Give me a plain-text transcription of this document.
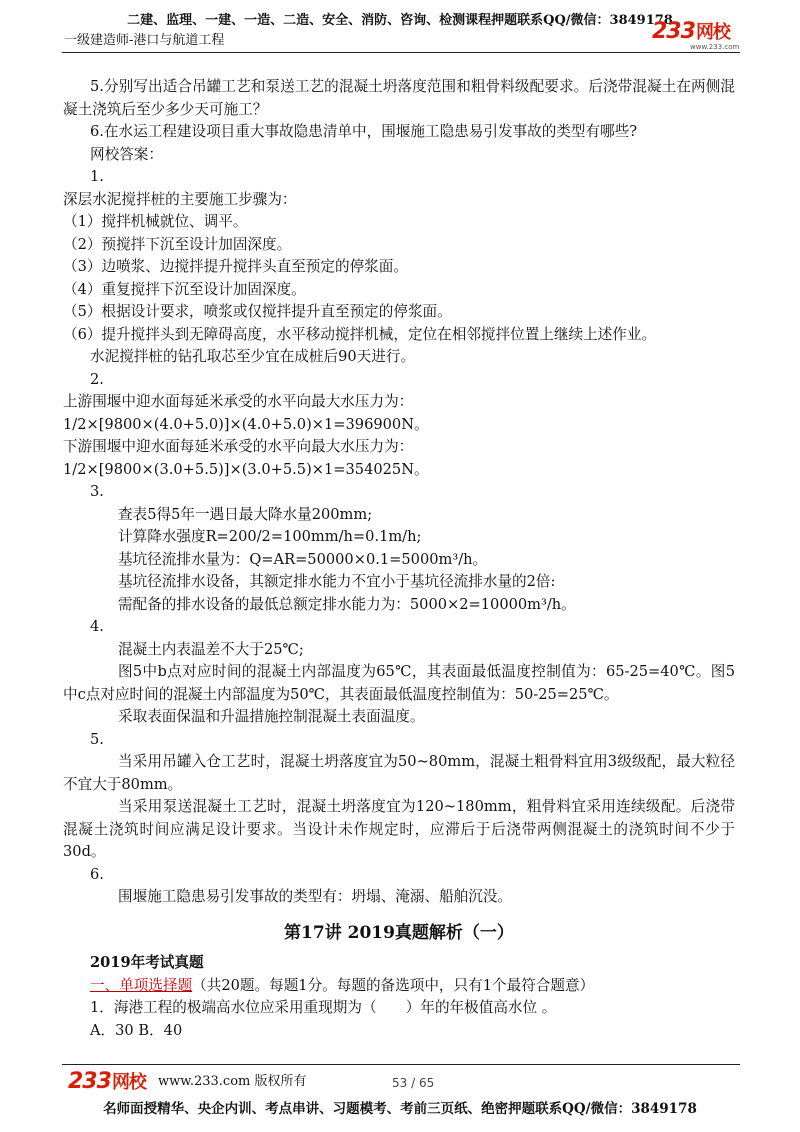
二建、监理、一建、一造、二造、安全、消防、咨询、检测课程押题联系QQ/微信：3849178
一级建造师-港口与航道工程	233网校
www.233.com

5.分别写出适合吊罐工艺和泵送工艺的混凝土坍落度范围和粗骨料级配要求。后浇带混凝土在两侧混凝土浇筑后至少多少天可施工？

6.在水运工程建设项目重大事故隐患清单中，围堰施工隐患易引发事故的类型有哪些?

网校答案：

1.

深层水泥搅拌桩的主要施工步骤为：

（1）搅拌机械就位、调平。

（2）预搅拌下沉至设计加固深度。

（3）边喷浆、边搅拌提升搅拌头直至预定的停浆面。

（4）重复搅拌下沉至设计加固深度。

（5）根据设计要求，喷浆或仅搅拌提升直至预定的停浆面。

（6）提升搅拌头到无障碍高度，水平移动搅拌机械，定位在相邻搅拌位置上继续上述作业。

水泥搅拌桩的钻孔取芯至少宜在成桩后90天进行。

2.

上游围堰中迎水面每延米承受的水平向最大水压力为：

1/2×[9800×(4.0+5.0)]×(4.0+5.0)×1=396900N。

下游围堰中迎水面每延米承受的水平向最大水压力为：

1/2×[9800×(3.0+5.5)]×(3.0+5.5)×1=354025N。

3.

查表5得5年一遇日最大降水量200mm;

计算降水强度R=200/2=100mm/h=0.1m/h;

基坑径流排水量为：Q=AR=50000×0.1=5000m³/h。

基坑径流排水设备，其额定排水能力不宜小于基坑径流排水量的2倍:

需配备的排水设备的最低总额定排水能力为：5000×2=10000m³/h。

4.

混凝土内表温差不大于25℃;

图5中b点对应时间的混凝土内部温度为65℃，其表面最低温度控制值为：65-25=40℃。图5中c点对应时间的混凝土内部温度为50℃，其表面最低温度控制值为：50-25=25℃。

采取表面保温和升温措施控制混凝土表面温度。

5.

当采用吊罐入仓工艺时，混凝土坍落度宜为50~80mm，混凝土粗骨料宜用3级级配，最大粒径不宜大于80mm。

当采用泵送混凝土工艺时，混凝土坍落度宜为120~180mm，粗骨料宜采用连续级配。后浇带混凝土浇筑时间应满足设计要求。当设计未作规定时，应滞后于后浇带两侧混凝土的浇筑时间不少于30d。

6.

围堰施工隐患易引发事故的类型有：坍塌、淹溺、船舶沉没。

第17讲 2019真题解析（一）

2019年考试真题

一、单项选择题（共20题。每题1分。每题的备选项中，只有1个最符合题意）

1．海港工程的极端高水位应采用重现期为（　　）年的年极值高水位 。

A．30 B．40

233网校 www.233.com 版权所有	53 / 65
名师面授精华、央企内训、考点串讲、习题模考、考前三页纸、绝密押题联系QQ/微信：3849178
